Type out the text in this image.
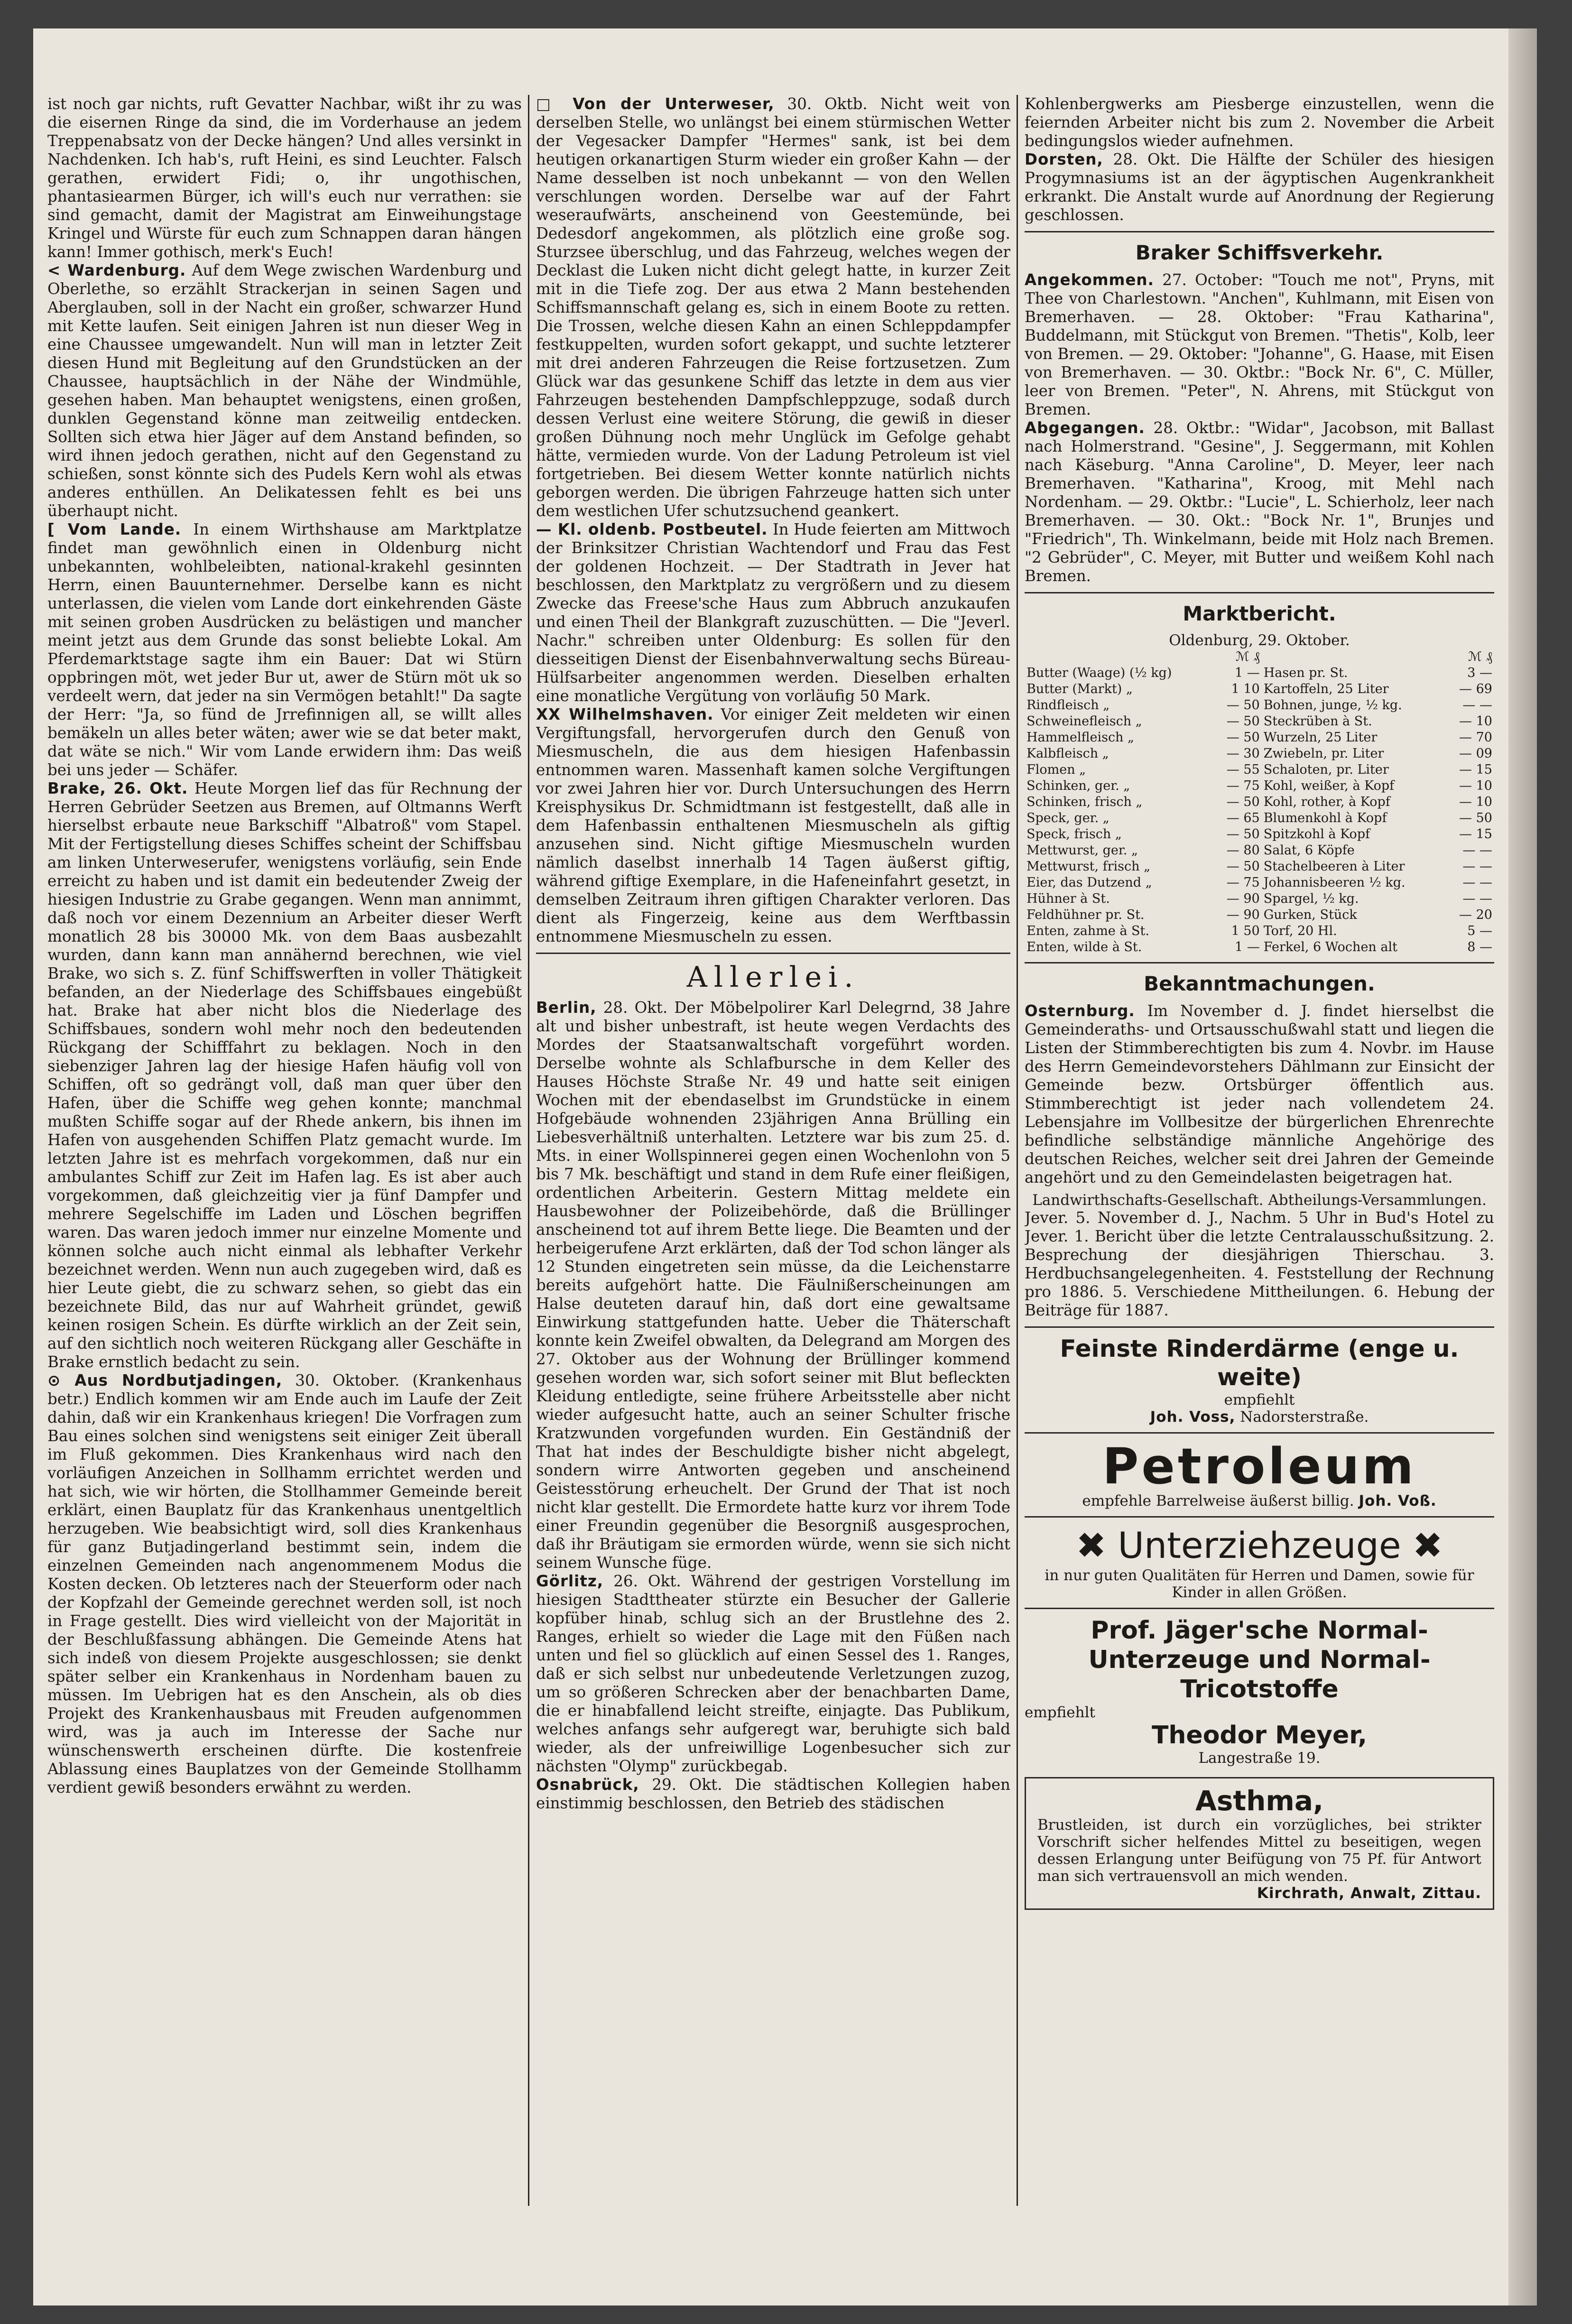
ist noch gar nichts, ruft Gevatter Nachbar, wißt ihr zu was die eisernen Ringe da sind, die im Vorderhause an jedem Treppenabsatz von der Decke hängen? Und alles versinkt in Nachdenken. Ich hab's, ruft Heini, es sind Leuchter. Falsch gerathen, erwidert Fidi; o, ihr ungothischen, phantasiearmen Bürger, ich will's euch nur verrathen: sie sind gemacht, damit der Magistrat am Einweihungstage Kringel und Würste für euch zum Schnappen daran hängen kann! Immer gothisch, merk's Euch!

< Wardenburg. Auf dem Wege zwischen Wardenburg und Oberlethe, so erzählt Strackerjan in seinen Sagen und Aberglauben, soll in der Nacht ein großer, schwarzer Hund mit Kette laufen. Seit einigen Jahren ist nun dieser Weg in eine Chaussee umgewandelt. Nun will man in letzter Zeit diesen Hund mit Begleitung auf den Grundstücken an der Chaussee, hauptsächlich in der Nähe der Windmühle, gesehen haben. Man behauptet wenigstens, einen großen, dunklen Gegenstand könne man zeitweilig entdecken. Sollten sich etwa hier Jäger auf dem Anstand befinden, so wird ihnen jedoch gerathen, nicht auf den Gegenstand zu schießen, sonst könnte sich des Pudels Kern wohl als etwas anderes enthüllen. An Delikatessen fehlt es bei uns überhaupt nicht.

[ Vom Lande. In einem Wirthshause am Marktplatze findet man gewöhnlich einen in Oldenburg nicht unbekannten, wohlbeleibten, national-krakehl gesinnten Herrn, einen Bauunternehmer. Derselbe kann es nicht unterlassen, die vielen vom Lande dort einkehrenden Gäste mit seinen groben Ausdrücken zu belästigen und mancher meint jetzt aus dem Grunde das sonst beliebte Lokal. Am Pferdemarktstage sagte ihm ein Bauer: Dat wi Stürn oppbringen möt, wet jeder Bur ut, awer de Stürn möt uk so verdeelt wern, dat jeder na sin Vermögen betahlt!" Da sagte der Herr: "Ja, so fünd de Jrrefinnigen all, se willt alles bemäkeln un alles beter wäten; awer wie se dat beter makt, dat wäte se nich." Wir vom Lande erwidern ihm: Das weiß bei uns jeder — Schäfer.

Brake, 26. Okt. Heute Morgen lief das für Rechnung der Herren Gebrüder Seetzen aus Bremen, auf Oltmanns Werft hierselbst erbaute neue Barkschiff "Albatroß" vom Stapel. Mit der Fertigstellung dieses Schiffes scheint der Schiffsbau am linken Unterweserufer, wenigstens vorläufig, sein Ende erreicht zu haben und ist damit ein bedeutender Zweig der hiesigen Industrie zu Grabe gegangen. Wenn man annimmt, daß noch vor einem Dezennium an Arbeiter dieser Werft monatlich 28 bis 30000 Mk. von dem Baas ausbezahlt wurden, dann kann man annähernd berechnen, wie viel Brake, wo sich s. Z. fünf Schiffswerften in voller Thätigkeit befanden, an der Niederlage des Schiffsbaues eingebüßt hat. Brake hat aber nicht blos die Niederlage des Schiffsbaues, sondern wohl mehr noch den bedeutenden Rückgang der Schifffahrt zu beklagen. Noch in den siebenziger Jahren lag der hiesige Hafen häufig voll von Schiffen, oft so gedrängt voll, daß man quer über den Hafen, über die Schiffe weg gehen konnte; manchmal mußten Schiffe sogar auf der Rhede ankern, bis ihnen im Hafen von ausgehenden Schiffen Platz gemacht wurde. Im letzten Jahre ist es mehrfach vorgekommen, daß nur ein ambulantes Schiff zur Zeit im Hafen lag. Es ist aber auch vorgekommen, daß gleichzeitig vier ja fünf Dampfer und mehrere Segelschiffe im Laden und Löschen begriffen waren. Das waren jedoch immer nur einzelne Momente und können solche auch nicht einmal als lebhafter Verkehr bezeichnet werden. Wenn nun auch zugegeben wird, daß es hier Leute giebt, die zu schwarz sehen, so giebt das ein bezeichnete Bild, das nur auf Wahrheit gründet, gewiß keinen rosigen Schein. Es dürfte wirklich an der Zeit sein, auf den sichtlich noch weiteren Rückgang aller Geschäfte in Brake ernstlich bedacht zu sein.

⊙ Aus Nordbutjadingen, 30. Oktober. (Krankenhaus betr.) Endlich kommen wir am Ende auch im Laufe der Zeit dahin, daß wir ein Krankenhaus kriegen! Die Vorfragen zum Bau eines solchen sind wenigstens seit einiger Zeit überall im Fluß gekommen. Dies Krankenhaus wird nach den vorläufigen Anzeichen in Sollhamm errichtet werden und hat sich, wie wir hörten, die Stollhammer Gemeinde bereit erklärt, einen Bauplatz für das Krankenhaus unentgeltlich herzugeben. Wie beabsichtigt wird, soll dies Krankenhaus für ganz Butjadingerland bestimmt sein, indem die einzelnen Gemeinden nach angenommenem Modus die Kosten decken. Ob letzteres nach der Steuerform oder nach der Kopfzahl der Gemeinde gerechnet werden soll, ist noch in Frage gestellt. Dies wird vielleicht von der Majorität in der Beschlußfassung abhängen. Die Gemeinde Atens hat sich indeß von diesem Projekte ausgeschlossen; sie denkt später selber ein Krankenhaus in Nordenham bauen zu müssen. Im Uebrigen hat es den Anschein, als ob dies Projekt des Krankenhausbaus mit Freuden aufgenommen wird, was ja auch im Interesse der Sache nur wünschenswerth erscheinen dürfte. Die kostenfreie Ablassung eines Bauplatzes von der Gemeinde Stollhamm verdient gewiß besonders erwähnt zu werden.

□ Von der Unterweser, 30. Oktb. Nicht weit von derselben Stelle, wo unlängst bei einem stürmischen Wetter der Vegesacker Dampfer "Hermes" sank, ist bei dem heutigen orkanartigen Sturm wieder ein großer Kahn — der Name desselben ist noch unbekannt — von den Wellen verschlungen worden. Derselbe war auf der Fahrt weseraufwärts, anscheinend von Geestemünde, bei Dedesdorf angekommen, als plötzlich eine große sog. Sturzsee überschlug, und das Fahrzeug, welches wegen der Decklast die Luken nicht dicht gelegt hatte, in kurzer Zeit mit in die Tiefe zog. Der aus etwa 2 Mann bestehenden Schiffsmannschaft gelang es, sich in einem Boote zu retten. Die Trossen, welche diesen Kahn an einen Schleppdampfer festkuppelten, wurden sofort gekappt, und suchte letzterer mit drei anderen Fahrzeugen die Reise fortzusetzen. Zum Glück war das gesunkene Schiff das letzte in dem aus vier Fahrzeugen bestehenden Dampfschleppzuge, sodaß durch dessen Verlust eine weitere Störung, die gewiß in dieser großen Dühnung noch mehr Unglück im Gefolge gehabt hätte, vermieden wurde. Von der Ladung Petroleum ist viel fortgetrieben. Bei diesem Wetter konnte natürlich nichts geborgen werden. Die übrigen Fahrzeuge hatten sich unter dem westlichen Ufer schutzsuchend geankert.

— Kl. oldenb. Postbeutel. In Hude feierten am Mittwoch der Brinksitzer Christian Wachtendorf und Frau das Fest der goldenen Hochzeit. — Der Stadtrath in Jever hat beschlossen, den Marktplatz zu vergrößern und zu diesem Zwecke das Freese'sche Haus zum Abbruch anzukaufen und einen Theil der Blankgraft zuzuschütten. — Die "Jeverl. Nachr." schreiben unter Oldenburg: Es sollen für den diesseitigen Dienst der Eisenbahnverwaltung sechs Büreau-Hülfsarbeiter angenommen werden. Dieselben erhalten eine monatliche Vergütung von vorläufig 50 Mark.

XX Wilhelmshaven. Vor einiger Zeit meldeten wir einen Vergiftungsfall, hervorgerufen durch den Genuß von Miesmuscheln, die aus dem hiesigen Hafenbassin entnommen waren. Massenhaft kamen solche Vergiftungen vor zwei Jahren hier vor. Durch Untersuchungen des Herrn Kreisphysikus Dr. Schmidtmann ist festgestellt, daß alle in dem Hafenbassin enthaltenen Miesmuscheln als giftig anzusehen sind. Nicht giftige Miesmuscheln wurden nämlich daselbst innerhalb 14 Tagen äußerst giftig, während giftige Exemplare, in die Hafeneinfahrt gesetzt, in demselben Zeitraum ihren giftigen Charakter verloren. Das dient als Fingerzeig, keine aus dem Werftbassin entnommene Miesmuscheln zu essen.

Allerlei.

Berlin, 28. Okt. Der Möbelpolirer Karl Delegrnd, 38 Jahre alt und bisher unbestraft, ist heute wegen Verdachts des Mordes der Staatsanwaltschaft vorgeführt worden. Derselbe wohnte als Schlafbursche in dem Keller des Hauses Höchste Straße Nr. 49 und hatte seit einigen Wochen mit der ebendaselbst im Grundstücke in einem Hofgebäude wohnenden 23jährigen Anna Brülling ein Liebesverhältniß unterhalten. Letztere war bis zum 25. d. Mts. in einer Wollspinnerei gegen einen Wochenlohn von 5 bis 7 Mk. beschäftigt und stand in dem Rufe einer fleißigen, ordentlichen Arbeiterin. Gestern Mittag meldete ein Hausbewohner der Polizeibehörde, daß die Brüllinger anscheinend tot auf ihrem Bette liege. Die Beamten und der herbeigerufene Arzt erklärten, daß der Tod schon länger als 12 Stunden eingetreten sein müsse, da die Leichenstarre bereits aufgehört hatte. Die Fäulnißerscheinungen am Halse deuteten darauf hin, daß dort eine gewaltsame Einwirkung stattgefunden hatte. Ueber die Thäterschaft konnte kein Zweifel obwalten, da Delegrand am Morgen des 27. Oktober aus der Wohnung der Brüllinger kommend gesehen worden war, sich sofort seiner mit Blut befleckten Kleidung entledigte, seine frühere Arbeitsstelle aber nicht wieder aufgesucht hatte, auch an seiner Schulter frische Kratzwunden vorgefunden wurden. Ein Geständniß der That hat indes der Beschuldigte bisher nicht abgelegt, sondern wirre Antworten gegeben und anscheinend Geistesstörung erheuchelt. Der Grund der That ist noch nicht klar gestellt. Die Ermordete hatte kurz vor ihrem Tode einer Freundin gegenüber die Besorgniß ausgesprochen, daß ihr Bräutigam sie ermorden würde, wenn sie sich nicht seinem Wunsche füge.

Görlitz, 26. Okt. Während der gestrigen Vorstellung im hiesigen Stadttheater stürzte ein Besucher der Gallerie kopfüber hinab, schlug sich an der Brustlehne des 2. Ranges, erhielt so wieder die Lage mit den Füßen nach unten und fiel so glücklich auf einen Sessel des 1. Ranges, daß er sich selbst nur unbedeutende Verletzungen zuzog, um so größeren Schrecken aber der benachbarten Dame, die er hinabfallend leicht streifte, einjagte. Das Publikum, welches anfangs sehr aufgeregt war, beruhigte sich bald wieder, als der unfreiwillige Logenbesucher sich zur nächsten "Olymp" zurückbegab.

Osnabrück, 29. Okt. Die städtischen Kollegien haben einstimmig beschlossen, den Betrieb des städischen

Kohlenbergwerks am Piesberge einzustellen, wenn die feiernden Arbeiter nicht bis zum 2. November die Arbeit bedingungslos wieder aufnehmen.

Dorsten, 28. Okt. Die Hälfte der Schüler des hiesigen Progymnasiums ist an der ägyptischen Augenkrankheit erkrankt. Die Anstalt wurde auf Anordnung der Regierung geschlossen.

Braker Schiffsverkehr.

Angekommen. 27. October: "Touch me not", Pryns, mit Thee von Charlestown. "Anchen", Kuhlmann, mit Eisen von Bremerhaven. — 28. Oktober: "Frau Katharina", Buddelmann, mit Stückgut von Bremen. "Thetis", Kolb, leer von Bremen. — 29. Oktober: "Johanne", G. Haase, mit Eisen von Bremerhaven. — 30. Oktbr.: "Bock Nr. 6", C. Müller, leer von Bremen. "Peter", N. Ahrens, mit Stückgut von Bremen.

Abgegangen. 28. Oktbr.: "Widar", Jacobson, mit Ballast nach Holmerstrand. "Gesine", J. Seggermann, mit Kohlen nach Käseburg. "Anna Caroline", D. Meyer, leer nach Bremerhaven. "Katharina", Kroog, mit Mehl nach Nordenham. — 29. Oktbr.: "Lucie", L. Schierholz, leer nach Bremerhaven. — 30. Okt.: "Bock Nr. 1", Brunjes und "Friedrich", Th. Winkelmann, beide mit Holz nach Bremen. "2 Gebrüder", C. Meyer, mit Butter und weißem Kohl nach Bremen.

Marktbericht.
Oldenburg, 29. Oktober.
	ℳ ₰		ℳ ₰
Butter (Waage) (½ kg)	1 —	Hasen pr. St.	3 —
Butter (Markt) „	1 10	Kartoffeln, 25 Liter	— 69
Rindfleisch „	— 50	Bohnen, junge, ½ kg.	— —
Schweinefleisch „	— 50	Steckrüben à St.	— 10
Hammelfleisch „	— 50	Wurzeln, 25 Liter	— 70
Kalbfleisch „	— 30	Zwiebeln, pr. Liter	— 09
Flomen „	— 55	Schaloten, pr. Liter	— 15
Schinken, ger. „	— 75	Kohl, weißer, à Kopf	— 10
Schinken, frisch „	— 50	Kohl, rother, à Kopf	— 10
Speck, ger. „	— 65	Blumenkohl à Kopf	— 50
Speck, frisch „	— 50	Spitzkohl à Kopf	— 15
Mettwurst, ger. „	— 80	Salat, 6 Köpfe	— —
Mettwurst, frisch „	— 50	Stachelbeeren à Liter	— —
Eier, das Dutzend „	— 75	Johannisbeeren ½ kg.	— —
Hühner à St.	— 90	Spargel, ½ kg.	— —
Feldhühner pr. St.	— 90	Gurken, Stück	— 20
Enten, zahme à St.	1 50	Torf, 20 Hl.	5 —
Enten, wilde à St.	1 —	Ferkel, 6 Wochen alt	8 —
Bekanntmachungen.

Osternburg. Im November d. J. findet hierselbst die Gemeinderaths- und Ortsausschußwahl statt und liegen die Listen der Stimmberechtigten bis zum 4. Novbr. im Hause des Herrn Gemeindevorstehers Dählmann zur Einsicht der Gemeinde bezw. Ortsbürger öffentlich aus. Stimmberechtigt ist jeder nach vollendetem 24. Lebensjahre im Vollbesitze der bürgerlichen Ehrenrechte befindliche selbständige männliche Angehörige des deutschen Reiches, welcher seit drei Jahren der Gemeinde angehört und zu den Gemeindelasten beigetragen hat.

Landwirthschafts-Gesellschaft. Abtheilungs-Versammlungen.

Jever. 5. November d. J., Nachm. 5 Uhr in Bud's Hotel zu Jever. 1. Bericht über die letzte Centralausschußsitzung. 2. Besprechung der diesjährigen Thierschau. 3. Herdbuchsangelegenheiten. 4. Feststellung der Rechnung pro 1886. 5. Verschiedene Mittheilungen. 6. Hebung der Beiträge für 1887.

Feinste Rinderdärme (enge u. weite)
empfiehlt
Joh. Voss, Nadorsterstraße.
Petroleum
empfehle Barrelweise äußerst billig. Joh. Voß.
✖ Unterziehzeuge ✖
in nur guten Qualitäten für Herren und Damen, sowie für Kinder in allen Größen.
Prof. Jäger'sche Normal-Unterzeuge und Normal-Tricotstoffe
empfiehlt
Theodor Meyer,
Langestraße 19.
Asthma,

Brustleiden, ist durch ein vorzügliches, bei strikter Vorschrift sicher helfendes Mittel zu beseitigen, wegen dessen Erlangung unter Beifügung von 75 Pf. für Antwort man sich vertrauensvoll an mich wenden.

Kirchrath, Anwalt, Zittau.
